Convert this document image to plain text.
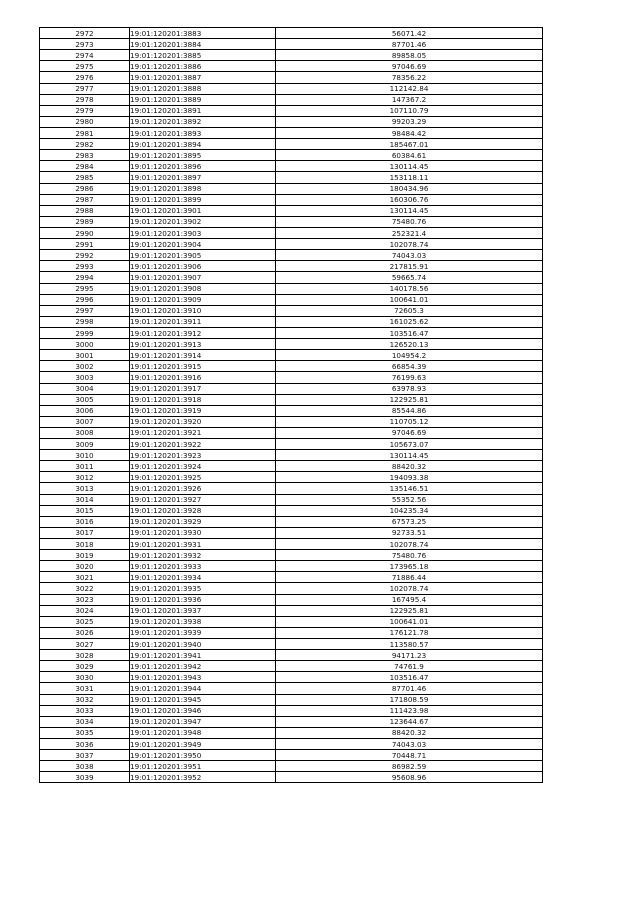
2972	19:01:120201:3883	56071.42
2973	19:01:120201:3884	87701.46
2974	19:01:120201:3885	89858.05
2975	19:01:120201:3886	97046.69
2976	19:01:120201:3887	78356.22
2977	19:01:120201:3888	112142.84
2978	19:01:120201:3889	147367.2
2979	19:01:120201:3891	107110.79
2980	19:01:120201:3892	99203.29
2981	19:01:120201:3893	98484.42
2982	19:01:120201:3894	185467.01
2983	19:01:120201:3895	60384.61
2984	19:01:120201:3896	130114.45
2985	19:01:120201:3897	153118.11
2986	19:01:120201:3898	180434.96
2987	19:01:120201:3899	160306.76
2988	19:01:120201:3901	130114.45
2989	19:01:120201:3902	75480.76
2990	19:01:120201:3903	252321.4
2991	19:01:120201:3904	102078.74
2992	19:01:120201:3905	74043.03
2993	19:01:120201:3906	217815.91
2994	19:01:120201:3907	59665.74
2995	19:01:120201:3908	140178.56
2996	19:01:120201:3909	100641.01
2997	19:01:120201:3910	72605.3
2998	19:01:120201:3911	161025.62
2999	19:01:120201:3912	103516.47
3000	19:01:120201:3913	126520.13
3001	19:01:120201:3914	104954.2
3002	19:01:120201:3915	66854.39
3003	19:01:120201:3916	76199.63
3004	19:01:120201:3917	63978.93
3005	19:01:120201:3918	122925.81
3006	19:01:120201:3919	85544.86
3007	19:01:120201:3920	110705.12
3008	19:01:120201:3921	97046.69
3009	19:01:120201:3922	105673.07
3010	19:01:120201:3923	130114.45
3011	19:01:120201:3924	88420.32
3012	19:01:120201:3925	194093.38
3013	19:01:120201:3926	135146.51
3014	19:01:120201:3927	55352.56
3015	19:01:120201:3928	104235.34
3016	19:01:120201:3929	67573.25
3017	19:01:120201:3930	92733.51
3018	19:01:120201:3931	102078.74
3019	19:01:120201:3932	75480.76
3020	19:01:120201:3933	173965.18
3021	19:01:120201:3934	71886.44
3022	19:01:120201:3935	102078.74
3023	19:01:120201:3936	167495.4
3024	19:01:120201:3937	122925.81
3025	19:01:120201:3938	100641.01
3026	19:01:120201:3939	176121.78
3027	19:01:120201:3940	113580.57
3028	19:01:120201:3941	94171.23
3029	19:01:120201:3942	74761.9
3030	19:01:120201:3943	103516.47
3031	19:01:120201:3944	87701.46
3032	19:01:120201:3945	171808.59
3033	19:01:120201:3946	111423.98
3034	19:01:120201:3947	123644.67
3035	19:01:120201:3948	88420.32
3036	19:01:120201:3949	74043.03
3037	19:01:120201:3950	70448.71
3038	19:01:120201:3951	86982.59
3039	19:01:120201:3952	95608.96
